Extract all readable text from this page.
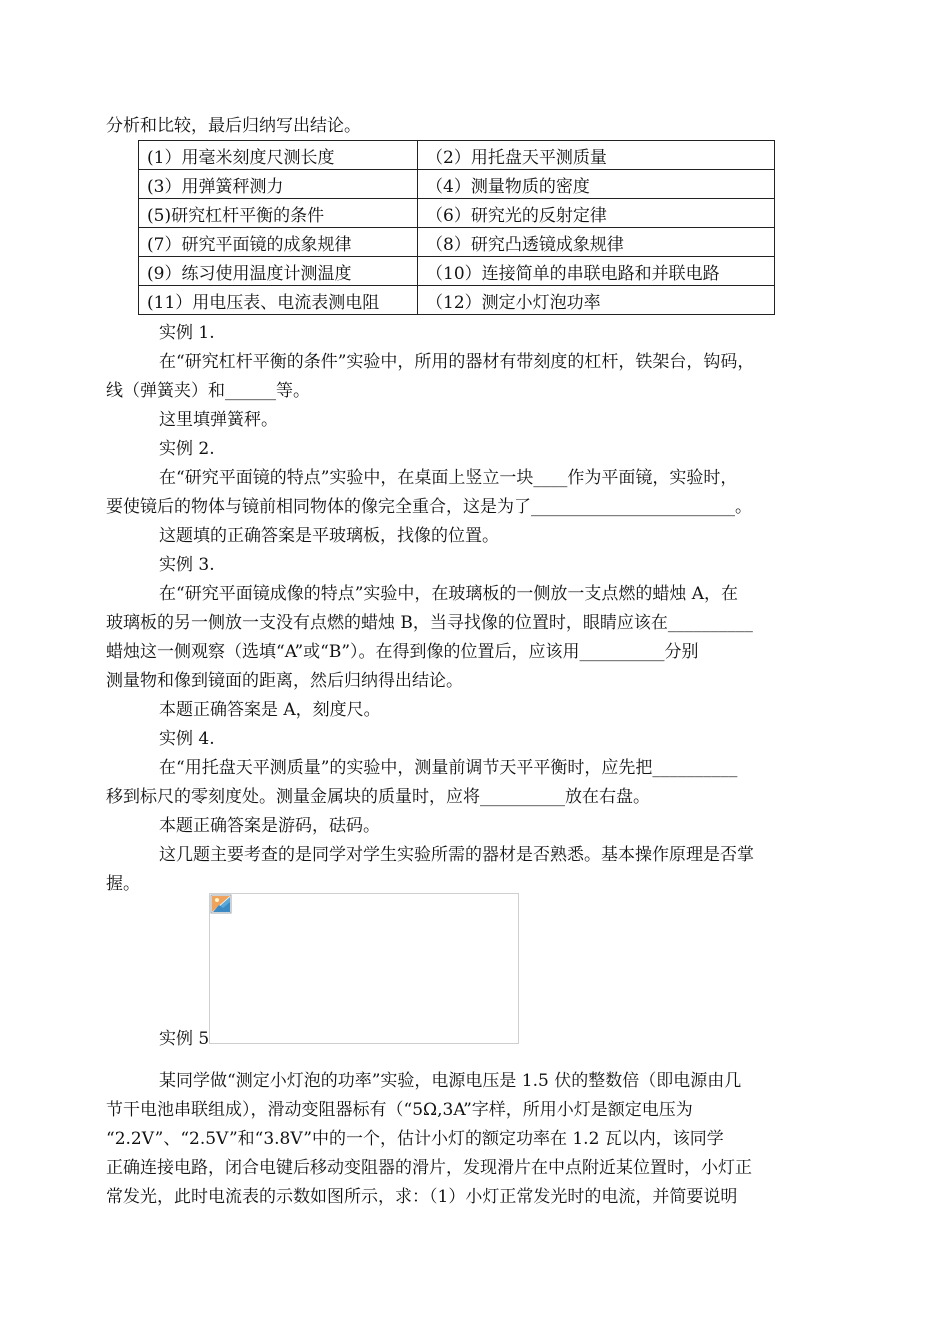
分析和比较，最后归纳写出结论。
(1）用毫米刻度尺测长度	（2）用托盘天平测质量
(3）用弹簧秤测力	（4）测量物质的密度
(5)研究杠杆平衡的条件	（6）研究光的反射定律
(7）研究平面镜的成象规律	（8）研究凸透镜成象规律
(9）练习使用温度计测温度	（10）连接简单的串联电路和并联电路
(11）用电压表、电流表测电阻	（12）测定小灯泡功率
实例 1.
在“研究杠杆平衡的条件”实验中，所用的器材有带刻度的杠杆，铁架台，钩码，
线（弹簧夹）和______等。
这里填弹簧秤。
实例 2.
在“研究平面镜的特点”实验中，在桌面上竖立一块____作为平面镜，实验时，
要使镜后的物体与镜前相同物体的像完全重合，这是为了________________________。
这题填的正确答案是平玻璃板，找像的位置。
实例 3.
在“研究平面镜成像的特点”实验中，在玻璃板的一侧放一支点燃的蜡烛 A，在
玻璃板的另一侧放一支没有点燃的蜡烛 B，当寻找像的位置时，眼睛应该在__________
蜡烛这一侧观察（选填“A”或“B”）。在得到像的位置后，应该用__________分别
测量物和像到镜面的距离，然后归纳得出结论。
本题正确答案是 A，刻度尺。
实例 4.
在“用托盘天平测质量”的实验中，测量前调节天平平衡时，应先把__________
移到标尺的零刻度处。测量金属块的质量时，应将__________放在右盘。
本题正确答案是游码，砝码。
这几题主要考查的是同学对学生实验所需的器材是否熟悉。基本操作原理是否掌
握。
实例 5
某同学做“测定小灯泡的功率”实验，电源电压是 1.5 伏的整数倍（即电源由几
节干电池串联组成），滑动变阻器标有（“5Ω,3A”字样，所用小灯是额定电压为
“2.2V”、“2.5V”和“3.8V”中的一个，估计小灯的额定功率在 1.2 瓦以内，该同学
正确连接电路，闭合电键后移动变阻器的滑片，发现滑片在中点附近某位置时，小灯正
常发光，此时电流表的示数如图所示，求：（1）小灯正常发光时的电流，并简要说明
